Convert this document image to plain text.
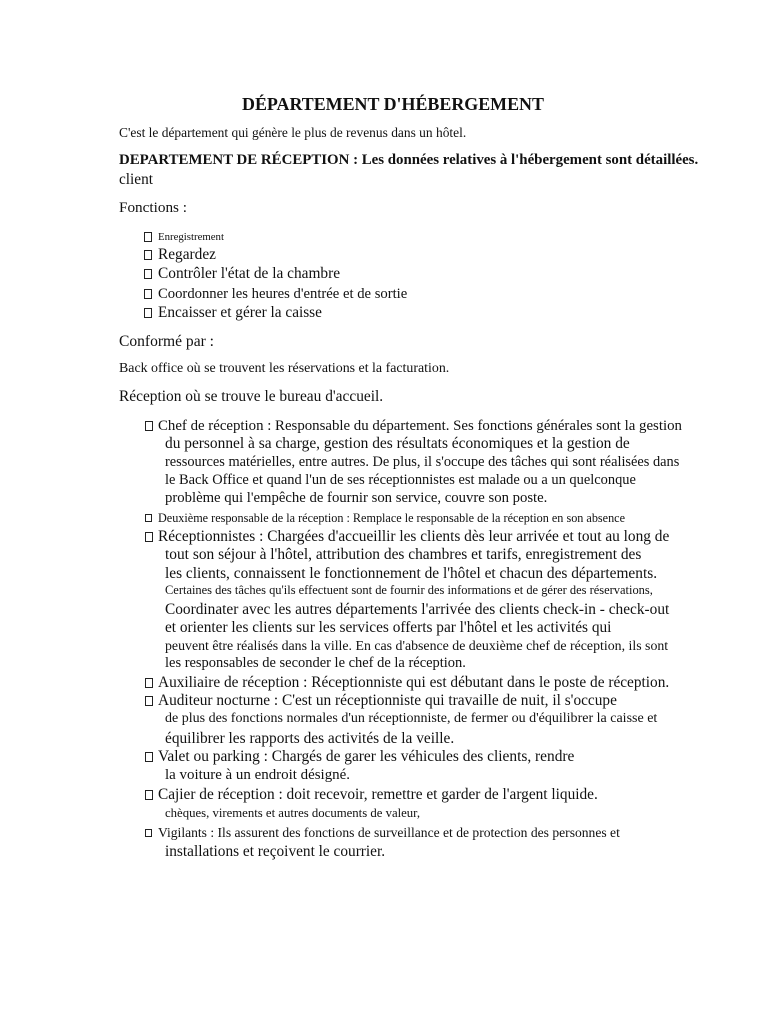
DÉPARTEMENT D'HÉBERGEMENT
C'est le département qui génère le plus de revenus dans un hôtel.
DEPARTEMENT DE RÉCEPTION : Les données relatives à l'hébergement sont détaillées.
client
Fonctions :
Enregistrement
Regardez
Contrôler l'état de la chambre
Coordonner les heures d'entrée et de sortie
Encaisser et gérer la caisse
Conformé par :
Back office où se trouvent les réservations et la facturation.
Réception où se trouve le bureau d'accueil.
Chef de réception : Responsable du département. Ses fonctions générales sont la gestion
du personnel à sa charge, gestion des résultats économiques et la gestion de
ressources matérielles, entre autres. De plus, il s'occupe des tâches qui sont réalisées dans
le Back Office et quand l'un de ses réceptionnistes est malade ou a un quelconque
problème qui l'empêche de fournir son service, couvre son poste.
Deuxième responsable de la réception : Remplace le responsable de la réception en son absence
Réceptionnistes : Chargées d'accueillir les clients dès leur arrivée et tout au long de
tout son séjour à l'hôtel, attribution des chambres et tarifs, enregistrement des
les clients, connaissent le fonctionnement de l'hôtel et chacun des départements.
Certaines des tâches qu'ils effectuent sont de fournir des informations et de gérer des réservations,
Coordinater avec les autres départements l'arrivée des clients check-in - check-out
et orienter les clients sur les services offerts par l'hôtel et les activités qui
peuvent être réalisés dans la ville. En cas d'absence de deuxième chef de réception, ils sont
les responsables de seconder le chef de la réception.
Auxiliaire de réception : Réceptionniste qui est débutant dans le poste de réception.
Auditeur nocturne : C'est un réceptionniste qui travaille de nuit, il s'occupe
de plus des fonctions normales d'un réceptionniste, de fermer ou d'équilibrer la caisse et
équilibrer les rapports des activités de la veille.
Valet ou parking : Chargés de garer les véhicules des clients, rendre
la voiture à un endroit désigné.
Cajier de réception : doit recevoir, remettre et garder de l'argent liquide.
chèques, virements et autres documents de valeur,
Vigilants : Ils assurent des fonctions de surveillance et de protection des personnes et
installations et reçoivent le courrier.
